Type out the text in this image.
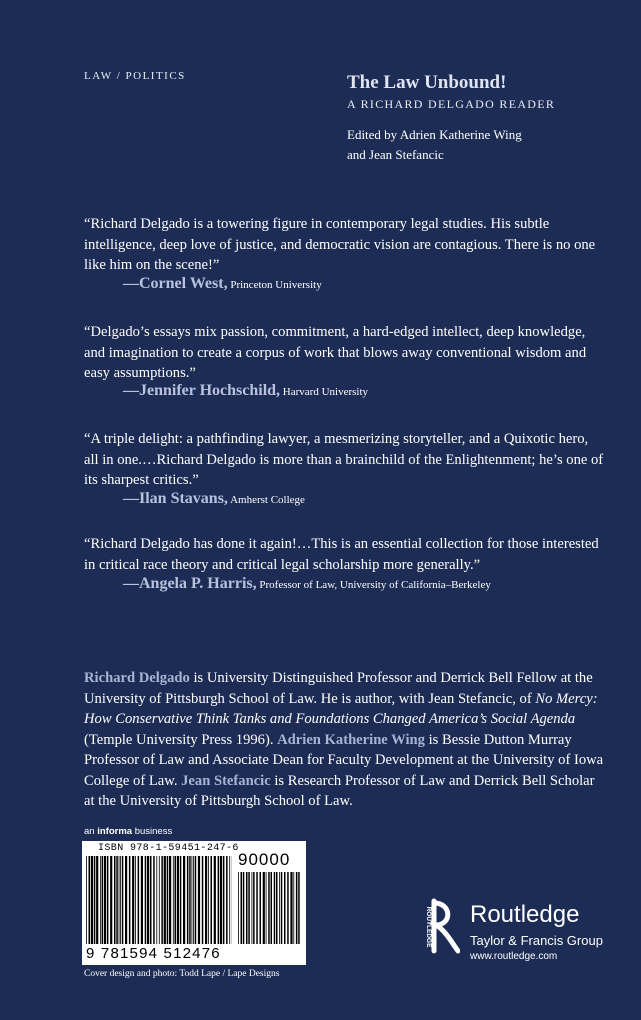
LAW / POLITICS	The Law Unbound!
A RICHARD DELGADO READER
Edited by Adrien Katherine Wing
and Jean Stefancic
“Richard Delgado is a towering figure in contemporary legal studies. His subtle intelligence, deep love of justice, and democratic vision are contagious. There is no one like him on the scene!”
—Cornel West, Princeton University
“Delgado’s essays mix passion, commitment, a hard-edged intellect, deep knowledge, and imagination to create a corpus of work that blows away conventional wisdom and easy assumptions.”
—Jennifer Hochschild, Harvard University
“A triple delight: a pathfinding lawyer, a mesmerizing storyteller, and a Quixotic hero, all in one.…Richard Delgado is more than a brainchild of the Enlightenment; he’s one of its sharpest critics.”
—Ilan Stavans, Amherst College
“Richard Delgado has done it again!…This is an essential collection for those interested in critical race theory and critical legal scholarship more generally.”
—Angela P. Harris, Professor of Law, University of California–Berkeley
Richard Delgado is University Distinguished Professor and Derrick Bell Fellow at the University of Pittsburgh School of Law. He is author, with Jean Stefancic, of No Mercy: How Conservative Think Tanks and Foundations Changed America’s Social Agenda (Temple University Press 1996). Adrien Katherine Wing is Bessie Dutton Murray Professor of Law and Associate Dean for Faculty Development at the University of Iowa College of Law. Jean Stefancic is Research Professor of Law and Derrick Bell Scholar at the University of Pittsburgh School of Law.
an informa business
ISBN 978-1-59451-247-6
90000
9 781594 512476
Cover design and photo: Todd Lape / Lape Designs
ROUTLEDGE Routledge
Taylor & Francis Group
www.routledge.com
